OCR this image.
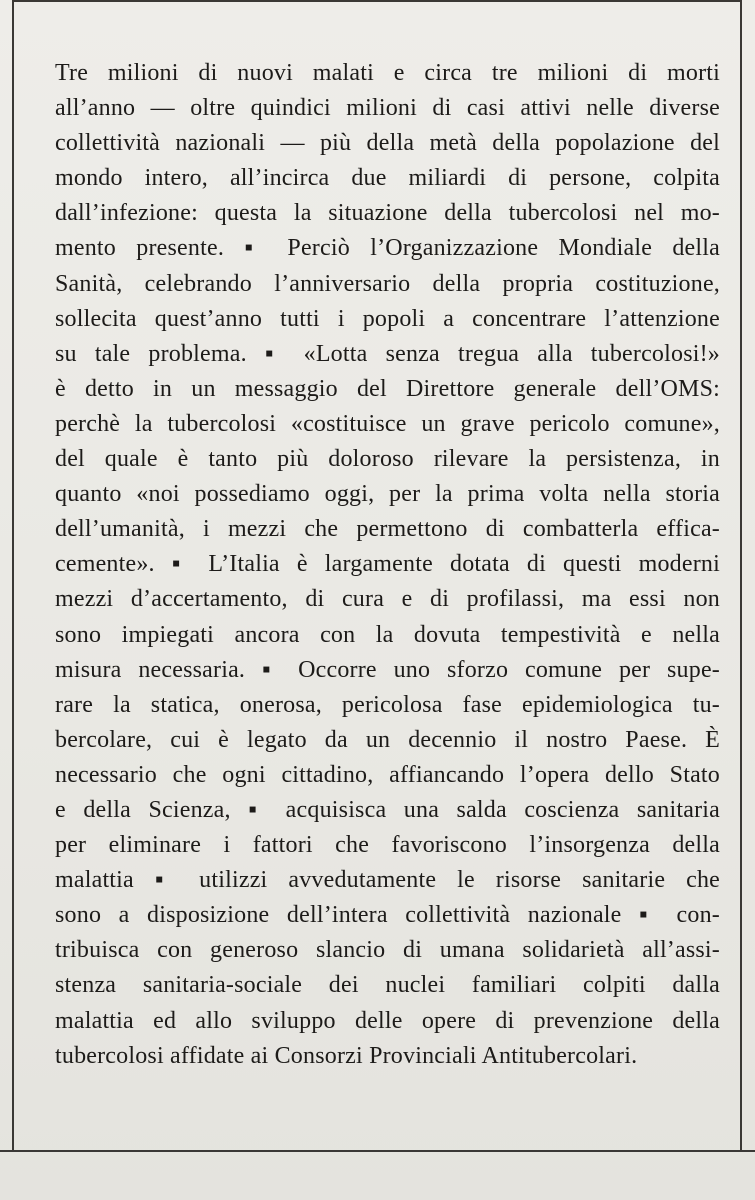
Tre milioni di nuovi malati e circa tre milioni di morti
all’anno — oltre quindici milioni di casi attivi nelle diverse
collettività nazionali — più della metà della popolazione del
mondo intero, all’incirca due miliardi di persone, colpita
dall’infezione: questa la situazione della tubercolosi nel mo-
mento presente. ▪ Perciò l’Organizzazione Mondiale della
Sanità, celebrando l’anniversario della propria costituzione,
sollecita quest’anno tutti i popoli a concentrare l’attenzione
su tale problema. ▪ «Lotta senza tregua alla tubercolosi!»
è detto in un messaggio del Direttore generale dell’OMS:
perchè la tubercolosi «costituisce un grave pericolo comune»,
del quale è tanto più doloroso rilevare la persistenza, in
quanto «noi possediamo oggi, per la prima volta nella storia
dell’umanità, i mezzi che permettono di combatterla effica-
cemente». ▪ L’Italia è largamente dotata di questi moderni
mezzi d’accertamento, di cura e di profilassi, ma essi non
sono impiegati ancora con la dovuta tempestività e nella
misura necessaria. ▪ Occorre uno sforzo comune per supe-
rare la statica, onerosa, pericolosa fase epidemiologica tu-
bercolare, cui è legato da un decennio il nostro Paese. È
necessario che ogni cittadino, affiancando l’opera dello Stato
e della Scienza, ▪ acquisisca una salda coscienza sanitaria
per eliminare i fattori che favoriscono l’insorgenza della
malattia ▪ utilizzi avvedutamente le risorse sanitarie che
sono a disposizione dell’intera collettività nazionale ▪ con-
tribuisca con generoso slancio di umana solidarietà all’assi-
stenza sanitaria-sociale dei nuclei familiari colpiti dalla
malattia ed allo sviluppo delle opere di prevenzione della
tubercolosi affidate ai Consorzi Provinciali Antitubercolari.
